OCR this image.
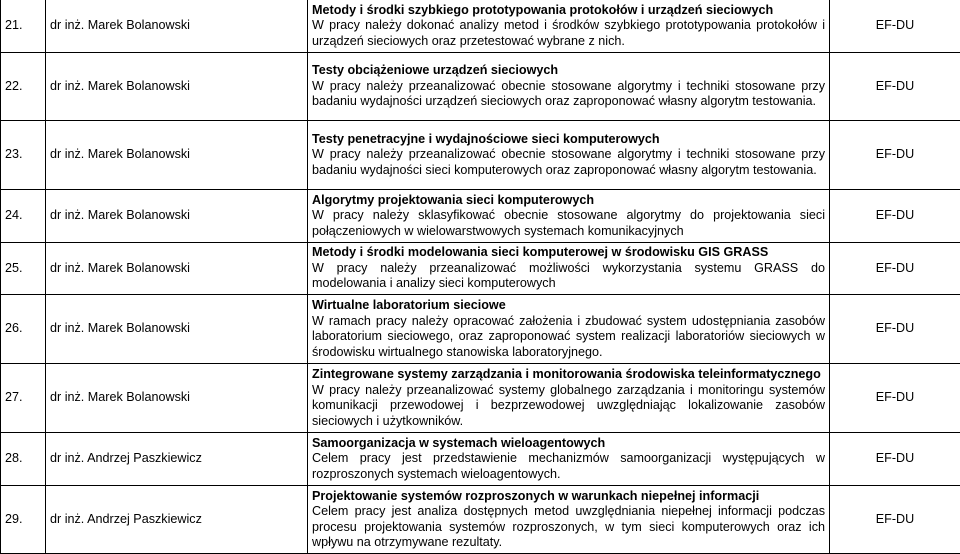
21.	dr inż. Marek Bolanowski	Metody i środki szybkiego prototypowania protokołów i urządzeń sieciowych
W pracy należy dokonać analizy metod i środków szybkiego prototypowania protokołów i urządzeń sieciowych oraz przetestować wybrane z nich.	EF-DU
22.	dr inż. Marek Bolanowski	Testy obciążeniowe urządzeń sieciowych
W pracy należy przeanalizować obecnie stosowane algorytmy i techniki stosowane przy badaniu wydajności urządzeń sieciowych oraz zaproponować własny algorytm testowania.	EF-DU
23.	dr inż. Marek Bolanowski	Testy penetracyjne i wydajnościowe sieci komputerowych
W pracy należy przeanalizować obecnie stosowane algorytmy i techniki stosowane przy badaniu wydajności sieci komputerowych oraz zaproponować własny algorytm testowania.	EF-DU
24.	dr inż. Marek Bolanowski	Algorytmy projektowania sieci komputerowych
W pracy należy sklasyfikować obecnie stosowane algorytmy do projektowania sieci połączeniowych w wielowarstwowych systemach komunikacyjnych	EF-DU
25.	dr inż. Marek Bolanowski	Metody i środki modelowania sieci komputerowej w środowisku GIS GRASS
W pracy należy przeanalizować możliwości wykorzystania systemu GRASS do modelowania i analizy sieci komputerowych	EF-DU
26.	dr inż. Marek Bolanowski	Wirtualne laboratorium sieciowe
W ramach pracy należy opracować założenia i zbudować system udostępniania zasobów laboratorium sieciowego, oraz zaproponować system realizacji laboratoriów sieciowych w środowisku wirtualnego stanowiska laboratoryjnego.	EF-DU
27.	dr inż. Marek Bolanowski	Zintegrowane systemy zarządzania i monitorowania środowiska teleinformatycznego
W pracy należy przeanalizować systemy globalnego zarządzania i monitoringu systemów komunikacji przewodowej i bezprzewodowej uwzględniając lokalizowanie zasobów sieciowych i użytkowników.	EF-DU
28.	dr inż. Andrzej Paszkiewicz	Samoorganizacja w systemach wieloagentowych
Celem pracy jest przedstawienie mechanizmów samoorganizacji występujących w rozproszonych systemach wieloagentowych.	EF-DU
29.	dr inż. Andrzej Paszkiewicz	Projektowanie systemów rozproszonych w warunkach niepełnej informacji
Celem pracy jest analiza dostępnych metod uwzględniania niepełnej informacji podczas procesu projektowania systemów rozproszonych, w tym sieci komputerowych oraz ich wpływu na otrzymywane rezultaty.	EF-DU
